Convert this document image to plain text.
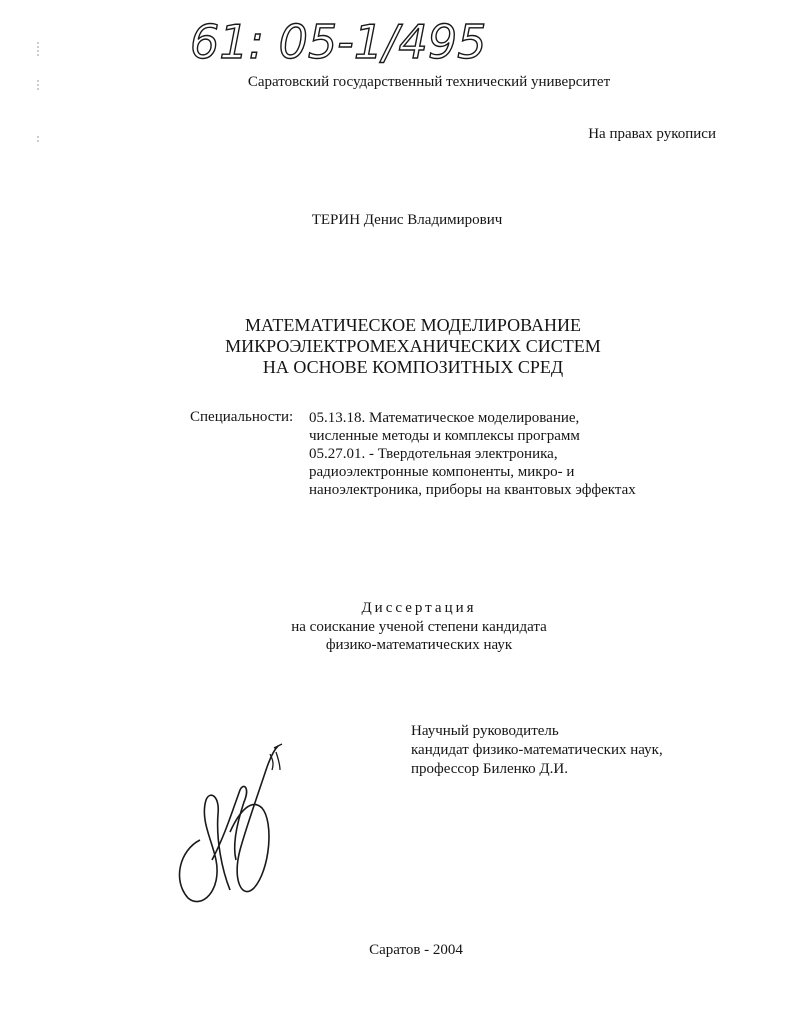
61: 05-1/495
Саратовский государственный технический университет
На правах рукописи
ТЕРИН Денис Владимирович
МАТЕМАТИЧЕСКОЕ МОДЕЛИРОВАНИЕ
МИКРОЭЛЕКТРОМЕХАНИЧЕСКИХ СИСТЕМ
НА ОСНОВЕ КОМПОЗИТНЫХ СРЕД
Специальности: 05.13.18. Математическое моделирование,
численные методы и комплексы программ
05.27.01. - Твердотельная электроника,
радиоэлектронные компоненты, микро- и
наноэлектроника, приборы на квантовых эффектах
Диссертация
на соискание ученой степени кандидата
физико-математических наук
Научный руководитель
кандидат физико-математических наук,
профессор Биленко Д.И.
Саратов - 2004
